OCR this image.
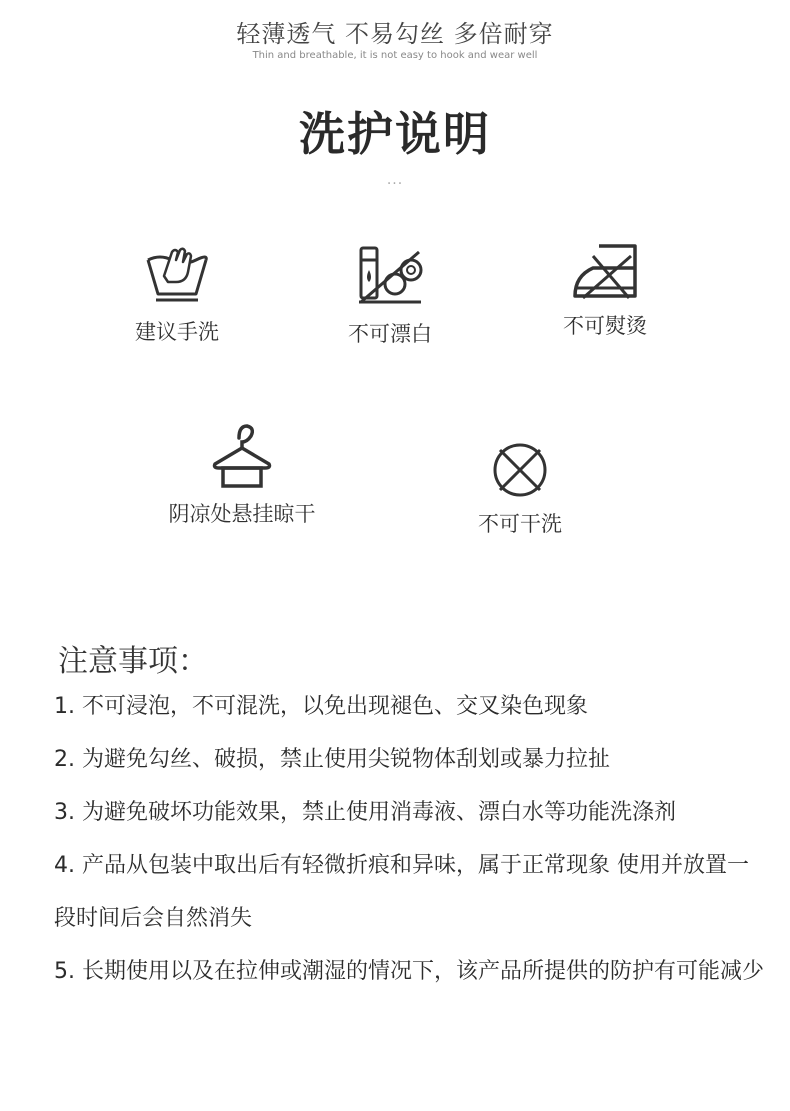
轻薄透气 不易勾丝 多倍耐穿
Thin and breathable, it is not easy to hook and wear well
洗护说明
···
建议手洗	不可漂白	不可熨烫
阴凉处悬挂晾干	不可干洗
注意事项：
1. 不可浸泡，不可混洗，以免出现褪色、交叉染色现象
2. 为避免勾丝、破损，禁止使用尖锐物体刮划或暴力拉扯
3. 为避免破坏功能效果，禁止使用消毒液、漂白水等功能洗涤剂
4. 产品从包装中取出后有轻微折痕和异味，属于正常现象 使用并放置一段时间后会自然消失
5. 长期使用以及在拉伸或潮湿的情况下，该产品所提供的防护有可能减少
